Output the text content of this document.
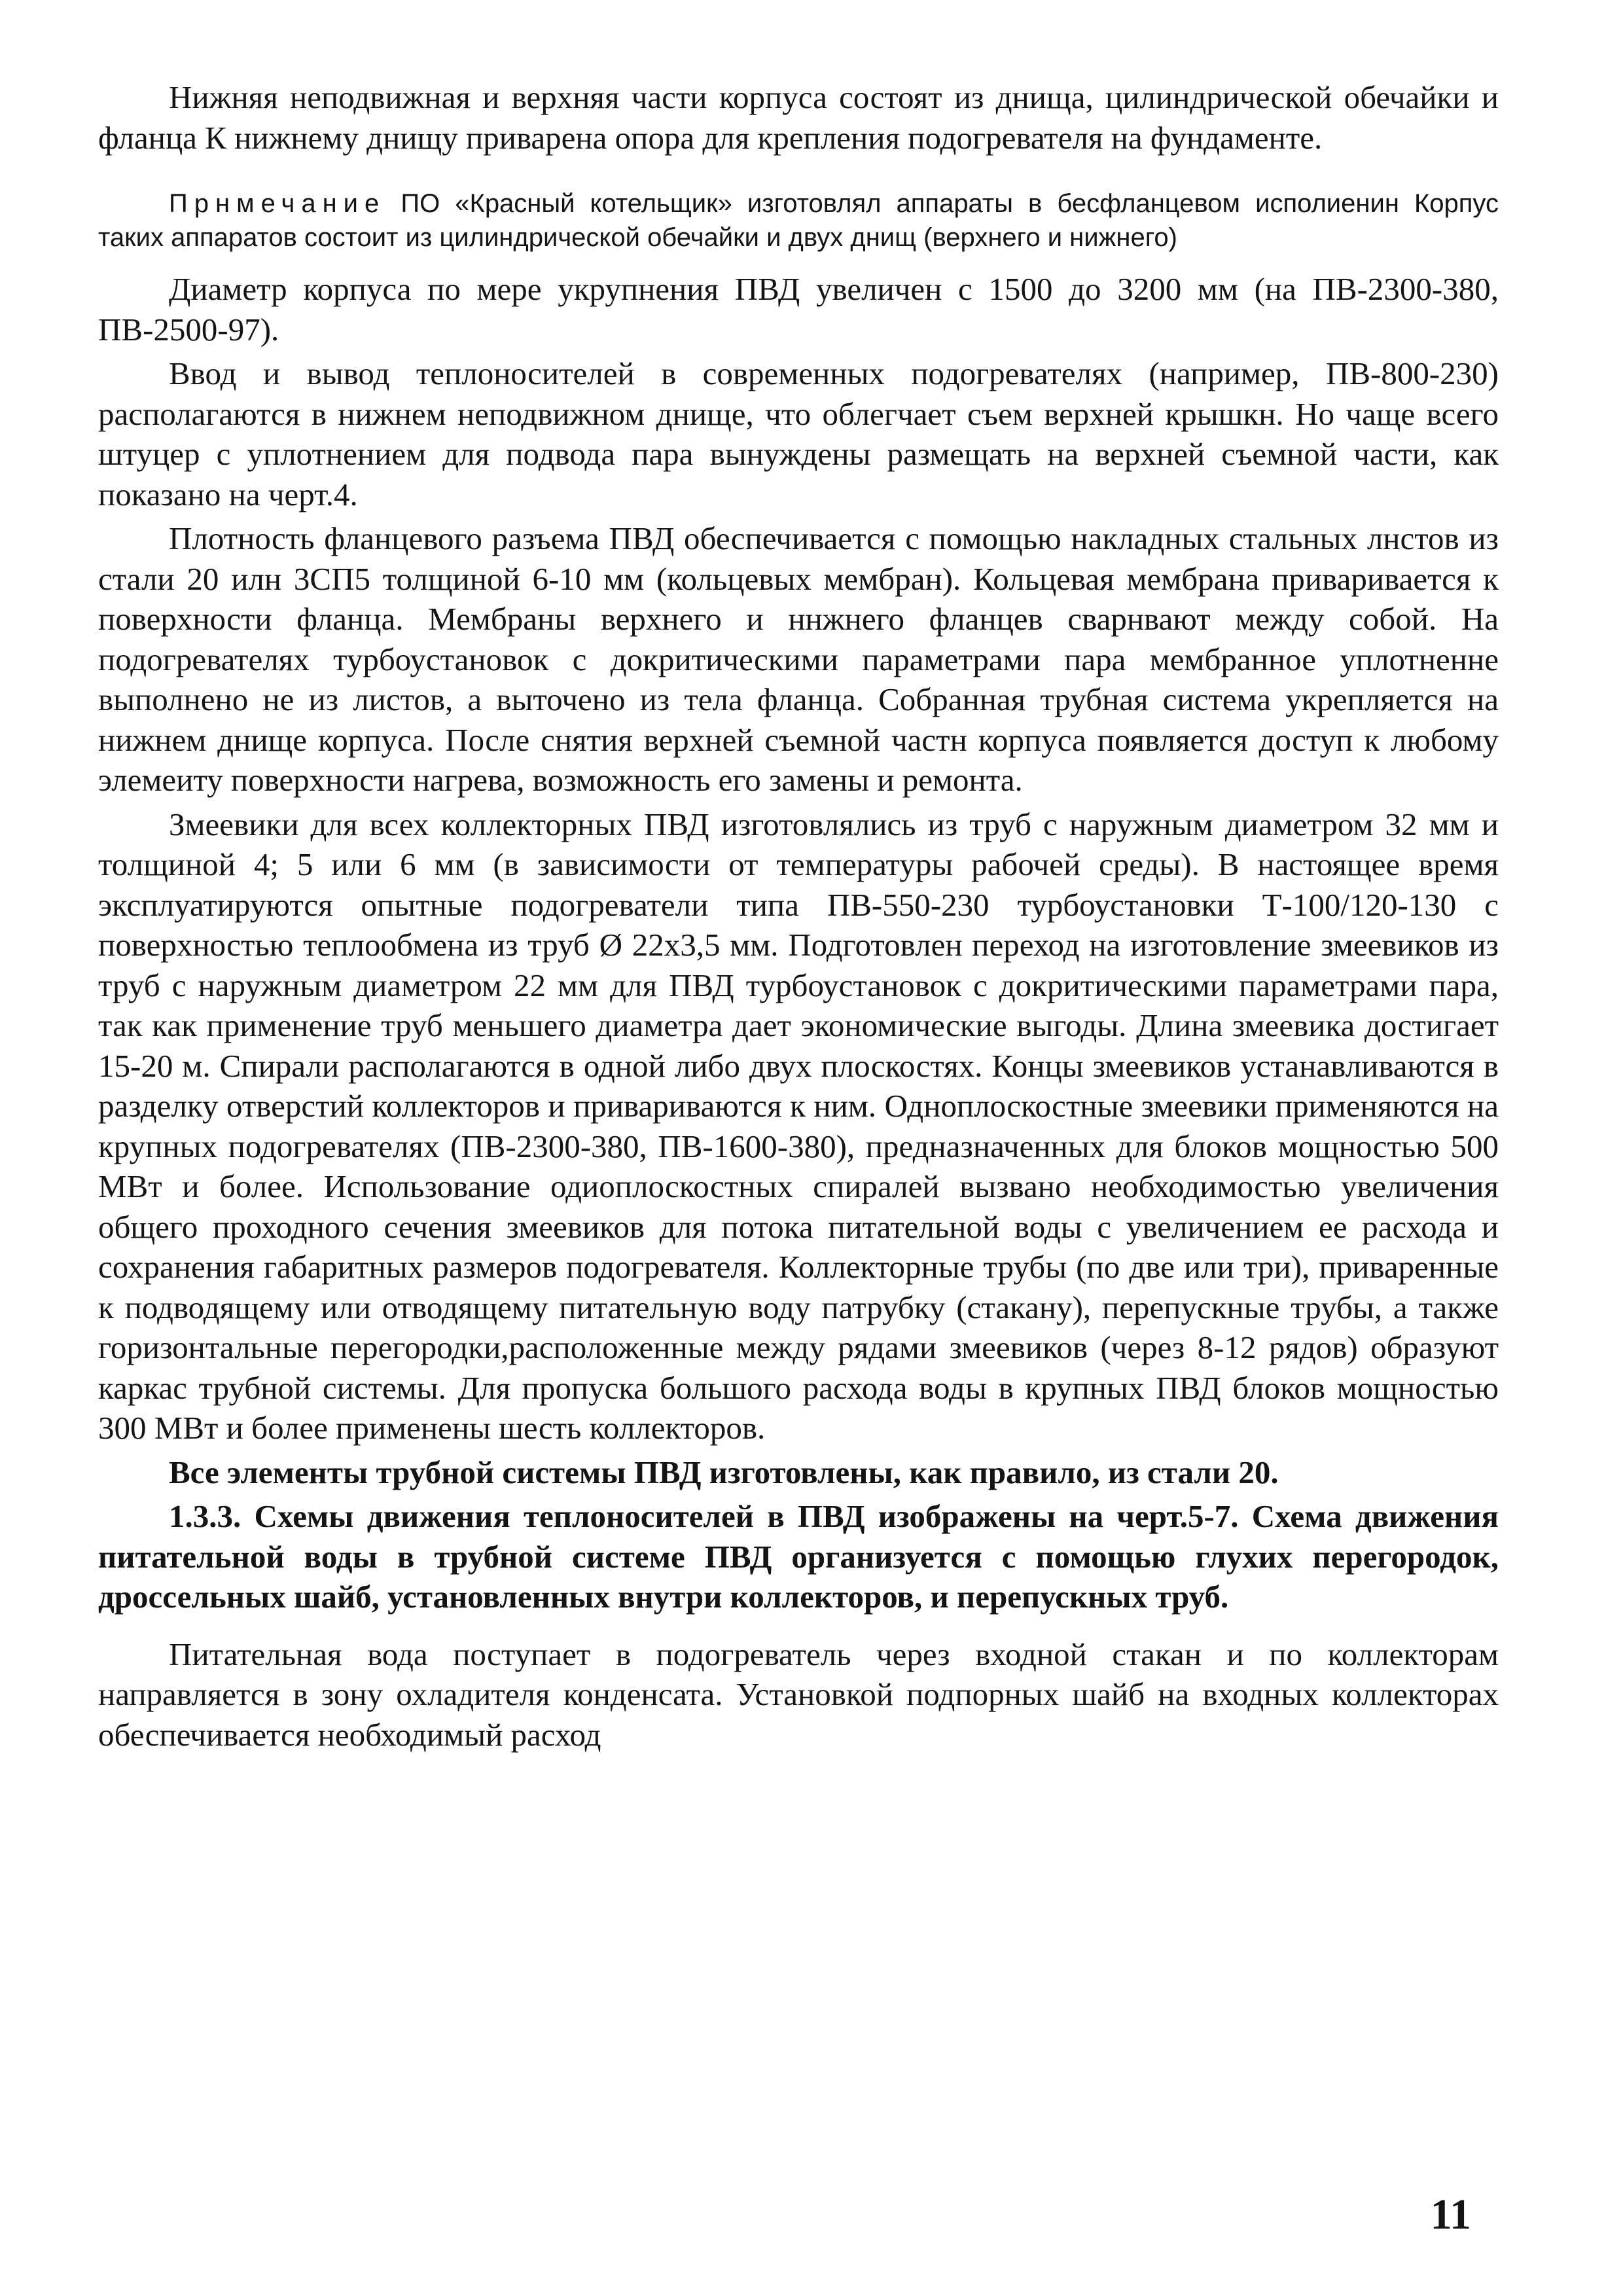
Нижняя неподвижная и верхняя части корпуса состоят из днища, цилиндрической обечайки и фланца К нижнему днищу приварена опора для крепления подогревателя на фундаменте.

Прнмечание ПО «Красный котельщик» изготовлял аппараты в бесфланцевом исполиенин Корпус таких аппаратов состоит из цилиндрической обечайки и двух днищ (верхнего и нижнего)

Диаметр корпуса по мере укрупнения ПВД увеличен с 1500 до 3200 мм (на ПВ-2300-380, ПВ-2500-97).

Ввод и вывод теплоносителей в современных подогревателях (например, ПВ-800-230) располагаются в нижнем неподвижном днище, что облегчает съем верхней крышкн. Но чаще всего штуцер с уплотнением для подвода пара вынуждены размещать на верхней съемной части, как показано на черт.4.

Плотность фланцевого разъема ПВД обеспечивается с помощью накладных стальных лнстов из стали 20 илн 3СП5 толщиной 6-10 мм (кольцевых мембран). Кольцевая мембрана приваривается к поверхности фланца. Мембраны верхнего и ннжнего фланцев сварнвают между собой. На подогревателях турбоустановок с докритическими параметрами пара мембранное уплотненне выполнено не из листов, а выточено из тела фланца. Собранная трубная система укрепляется на нижнем днище корпуса. После снятия верхней съемной частн корпуса появляется доступ к любому элемеиту поверхности нагрева, возможность его замены и ремонта.

Змеевики для всех коллекторных ПВД изготовлялись из труб с наружным диаметром 32 мм и толщиной 4; 5 или 6 мм (в зависимости от температуры рабочей среды). В настоящее время эксплуатируются опытные подогреватели типа ПВ-550-230 турбоустановки Т-100/120-130 с поверхностью теплообмена из труб Ø 22х3,5 мм. Подготовлен переход на изготовление змеевиков из труб с наружным диаметром 22 мм для ПВД турбоустановок с докритическими параметрами пара, так как применение труб меньшего диаметра дает экономические выгоды. Длина змеевика достигает 15-20 м. Спирали располагаются в одной либо двух плоскостях. Концы змеевиков устанавливаются в разделку отверстий коллекторов и привариваются к ним. Одноплоскостные змеевики применяются на крупных подогревателях (ПВ-2300-380, ПВ-1600-380), предназначенных для блоков мощностью 500 МВт и более. Использование одиоплоскостных спиралей вызвано необходимостью увеличения общего проходного сечения змеевиков для потока питательной воды с увеличением ее расхода и сохранения габаритных размеров подогревателя. Коллекторные трубы (по две или три), приваренные к подводящему или отводящему питательную воду патрубку (стакану), перепускные трубы, а также горизонтальные перегородки,расположенные между рядами змеевиков (через 8-12 рядов) образуют каркас трубной системы. Для пропуска большого расхода воды в крупных ПВД блоков мощностью 300 МВт и более применены шесть коллекторов.

Все элементы трубной системы ПВД изготовлены, как правило, из стали 20.

1.3.3. Схемы движения теплоносителей в ПВД изображены на черт.5-7. Схема движения питательной воды в трубной системе ПВД организуется с помощью глухих перегородок, дроссельных шайб, установленных внутри коллекторов, и перепускных труб.

Питательная вода поступает в подогреватель через входной стакан и по коллекторам направляется в зону охладителя конденсата. Установкой подпорных шайб на входных коллекторах обеспечивается необходимый расход

11
